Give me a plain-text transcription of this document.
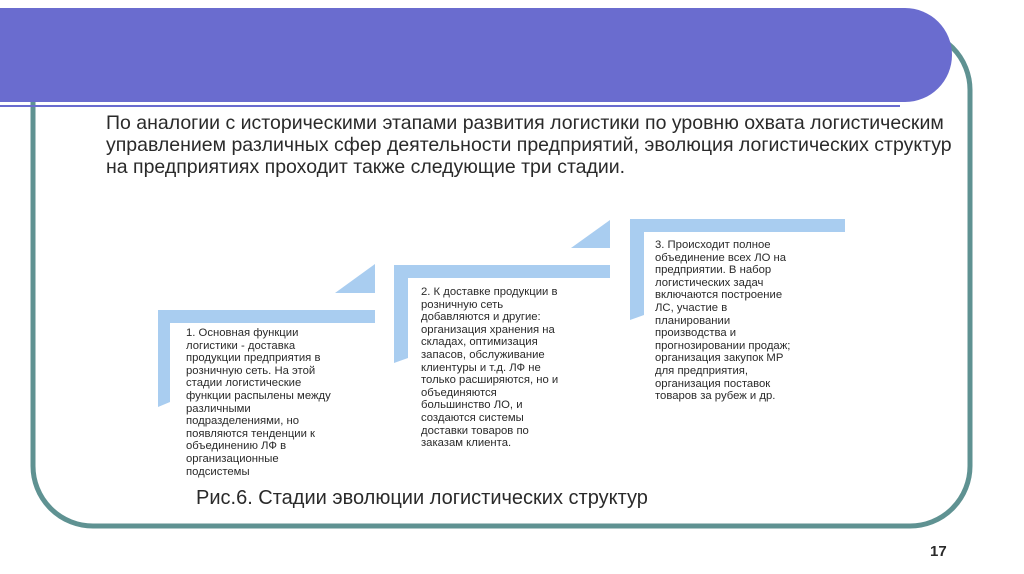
По аналогии с историческими этапами развития логистики по уровню охвата логистическим управлением различных сфер деятельности предприятий, эволюция логистических структур на предприятиях проходит также следующие три стадии.

1. Основная функции
логистики - доставка
продукции предприятия в
розничную сеть. На этой
стадии логистические
функции распылены между
различными
подразделениями, но
появляются тенденции к
объединению ЛФ в
организационные
подсистемы

2. К доставке продукции в
розничную сеть
добавляются и другие:
организация хранения на
складах, оптимизация
запасов, обслуживание
клиентуры и т.д. ЛФ не
только расширяются, но и
объединяются
большинство ЛО, и
создаются системы
доставки товаров по
заказам клиента.

3. Происходит полное
объединение всех ЛО на
предприятии. В набор
логистических задач
включаются построение
ЛС, участие в
планировании
производства и
прогнозировании продаж;
организация закупок МР
для предприятия,
организация поставок
товаров за рубеж и др.

Рис.6. Стадии эволюции логистических структур

17
